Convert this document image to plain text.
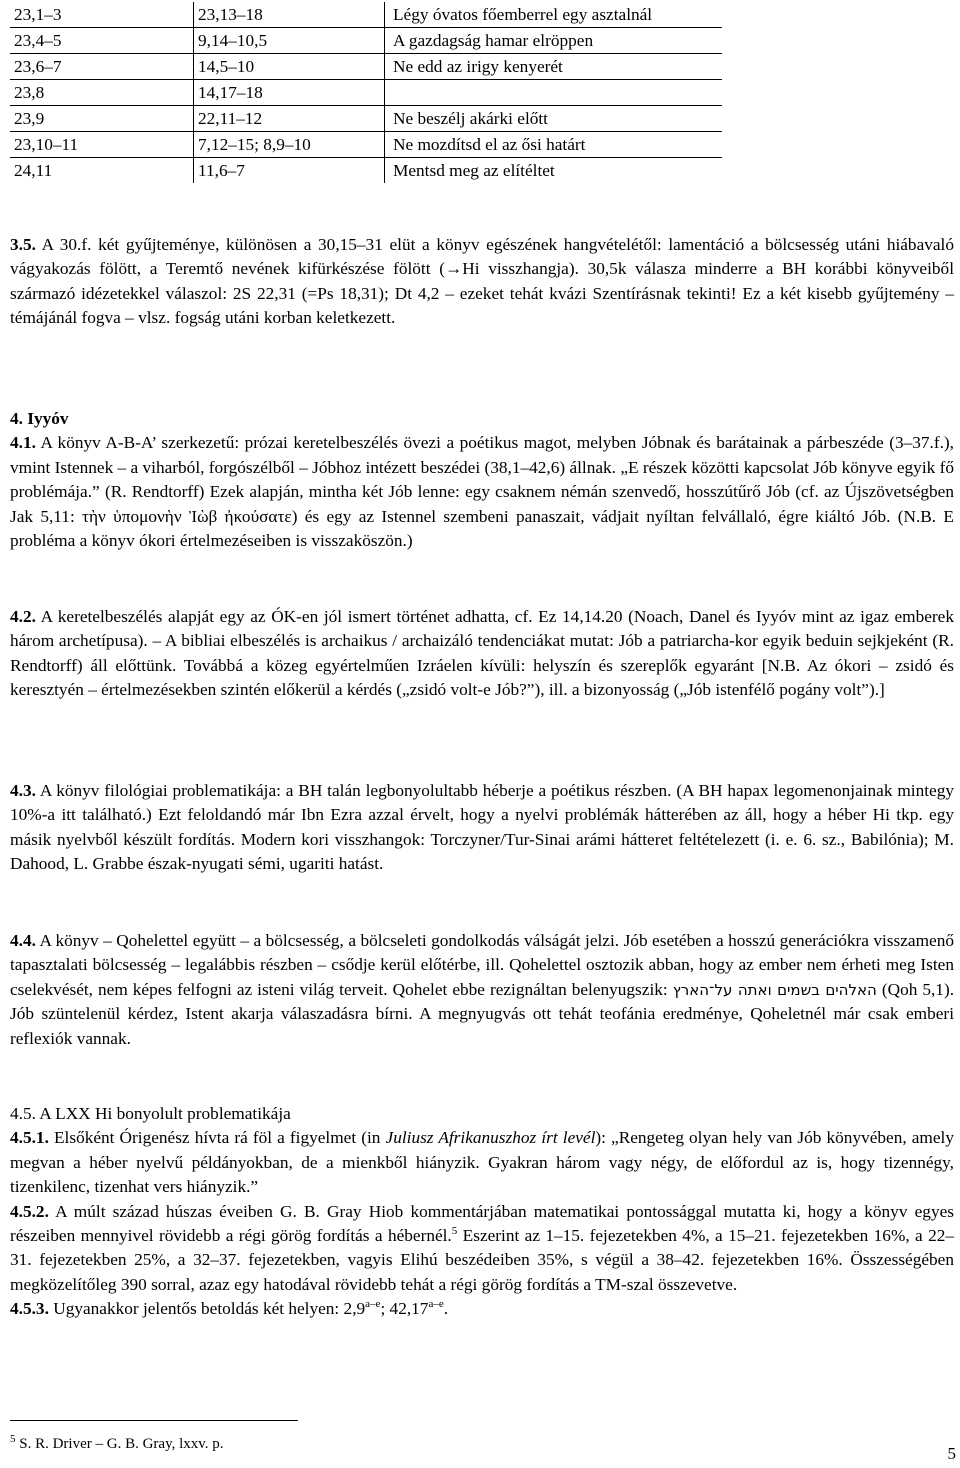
23,1–3	23,13–18	Légy óvatos főemberrel egy asztalnál
23,4–5	9,14–10,5	A gazdagság hamar elröppen
23,6–7	14,5–10	Ne edd az irigy kenyerét
23,8	14,17–18	
23,9	22,11–12	Ne beszélj akárki előtt
23,10–11	7,12–15; 8,9–10	Ne mozdítsd el az ősi határt
24,11	11,6–7	Mentsd meg az elítéltet

3.5. A 30.f. két gyűjteménye, különösen a 30,15–31 elüt a könyv egészének hangvételétől: lamentáció a bölcsesség utáni hiábavaló vágyakozás fölött, a Teremtő nevének kifürkészése fölött (→Hi visszhangja). 30,5k válasza minderre a BH korábbi könyveiből származó idézetekkel válaszol: 2S 22,31 (=Ps 18,31); Dt 4,2 – ezeket tehát kvázi Szentírásnak tekinti! Ez a két kisebb gyűjtemény – témájánál fogva – vlsz. fogság utáni korban keletkezett.

4. Iyyóv

4.1. A könyv A-B-A’ szerkezetű: prózai keretelbeszélés övezi a poétikus magot, melyben Jóbnak és barátainak a párbeszéde (3–37.f.), vmint Istennek – a viharból, forgószélből – Jóbhoz intézett beszédei (38,1–42,6) állnak. „E részek közötti kapcsolat Jób könyve egyik fő problémája.” (R. Rendtorff) Ezek alapján, mintha két Jób lenne: egy csaknem némán szenvedő, hosszútűrő Jób (cf. az Újszövetségben Jak 5,11: τὴν ὑπομονὴν Ἰὼβ ἠκούσατε) és egy az Istennel szembeni panaszait, vádjait nyíltan felvállaló, égre kiáltó Jób. (N.B. E probléma a könyv ókori értelmezéseiben is visszaköszön.)

4.2. A keretelbeszélés alapját egy az ÓK-en jól ismert történet adhatta, cf. Ez 14,14.20 (Noach, Danel és Iyyóv mint az igaz emberek három archetípusa). – A bibliai elbeszélés is archaikus / archaizáló tendenciákat mutat: Jób a patriarcha-kor egyik beduin sejkjeként (R. Rendtorff) áll előttünk. Továbbá a közeg egyértelműen Izráelen kívüli: helyszín és szereplők egyaránt [N.B. Az ókori – zsidó és keresztyén – értelmezésekben szintén előkerül a kérdés („zsidó volt-e Jób?”), ill. a bizonyosság („Jób istenfélő pogány volt”).]

4.3. A könyv filológiai problematikája: a BH talán legbonyolultabb héberje a poétikus részben. (A BH hapax legomenonjainak mintegy 10%-a itt található.) Ezt feloldandó már Ibn Ezra azzal érvelt, hogy a nyelvi problémák hátterében az áll, hogy a héber Hi tkp. egy másik nyelvből készült fordítás. Modern kori visszhangok: Torczyner/Tur-Sinai arámi hátteret feltételezett (i. e. 6. sz., Babilónia); M. Dahood, L. Grabbe észak-nyugati sémi, ugariti hatást.

4.4. A könyv – Qohelettel együtt – a bölcsesség, a bölcseleti gondolkodás válságát jelzi. Jób esetében a hosszú generációkra visszamenő tapasztalati bölcsesség – legalábbis részben – csődje kerül előtérbe, ill. Qohelettel osztozik abban, hogy az ember nem érheti meg Isten cselekvését, nem képes felfogni az isteni világ terveit. Qohelet ebbe rezignáltan belenyugszik: האלהים בשמים ואתה על־הארץ (Qoh 5,1). Jób szüntelenül kérdez, Istent akarja válaszadásra bírni. A megnyugvás ott tehát teofánia eredménye, Qoheletnél már csak emberi reflexiók vannak.

4.5. A LXX Hi bonyolult problematikája

4.5.1. Elsőként Órigenész hívta rá föl a figyelmet (in Juliusz Afrikanuszhoz írt levél): „Rengeteg olyan hely van Jób könyvében, amely megvan a héber nyelvű példányokban, de a mienkből hiányzik. Gyakran három vagy négy, de előfordul az is, hogy tizennégy, tizenkilenc, tizenhat vers hiányzik.”

4.5.2. A múlt század húszas éveiben G. B. Gray Hiob kommentárjában matematikai pontossággal mutatta ki, hogy a könyv egyes részeiben mennyivel rövidebb a régi görög fordítás a hébernél.$^5$ Eszerint az 1–15. fejezetekben 4%, a 15–21. fejezetekben 16%, a 22–31. fejezetekben 25%, a 32–37. fejezetekben, vagyis Elihú beszédeiben 35%, s végül a 38–42. fejezetekben 16%. Összességében megközelítőleg 390 sorral, azaz egy hatodával rövidebb tehát a régi görög fordítás a TM-szal összevetve.

4.5.3. Ugyanakkor jelentős betoldás két helyen: 2,9$^{a-e}$; 42,17$^{a-e}$.

$^5$ S. R. Driver – G. B. Gray, lxxv. p.	5
